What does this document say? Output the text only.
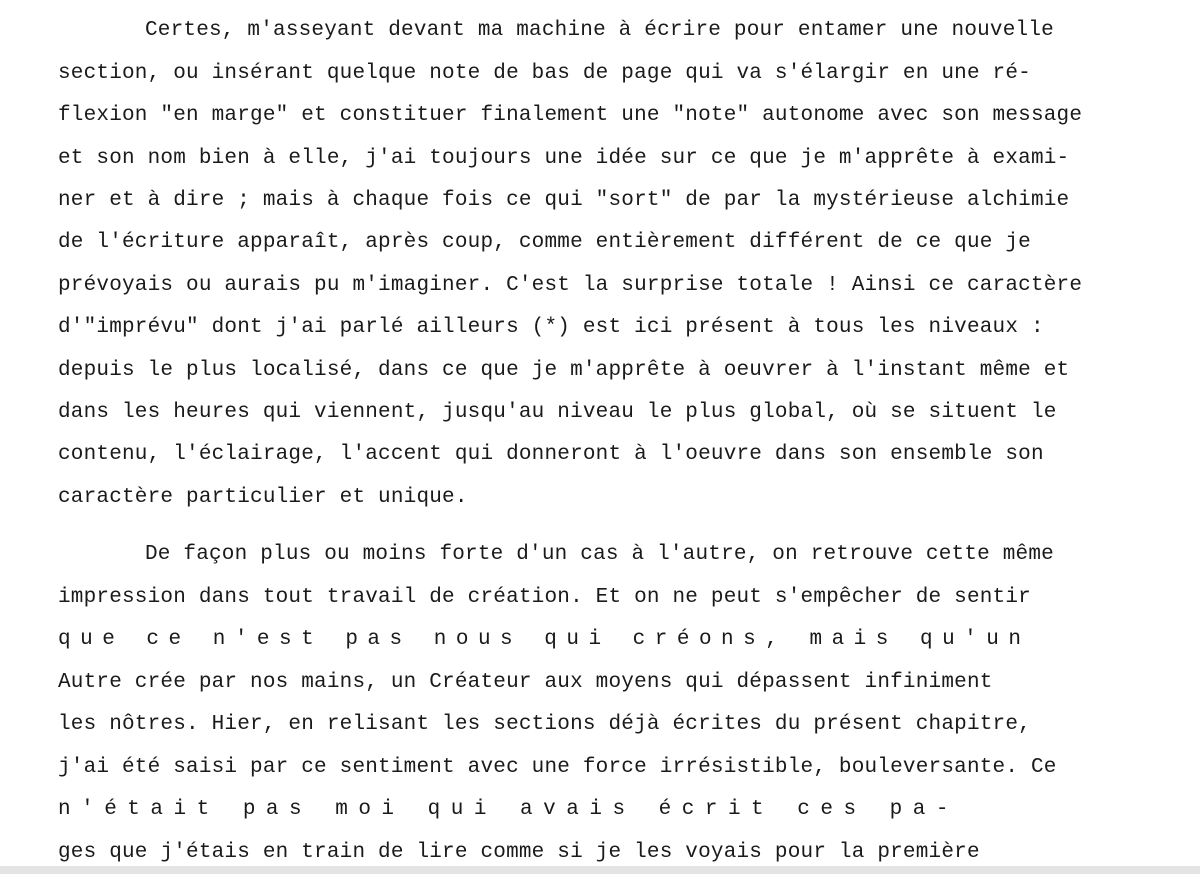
Certes, m'asseyant devant ma machine à écrire pour entamer une nouvelle
section, ou insérant quelque note de bas de page qui va s'élargir en une ré-
flexion "en marge" et constituer finalement une "note" autonome avec son message
et son nom bien à elle, j'ai toujours une idée sur ce que je m'apprête à exami-
ner et à dire ; mais à chaque fois ce qui "sort" de par la mystérieuse alchimie
de l'écriture apparaît, après coup, comme entièrement différent de ce que je
prévoyais ou aurais pu m'imaginer. C'est la surprise totale ! Ainsi ce caractère
d'"imprévu" dont j'ai parlé ailleurs (*) est ici présent à tous les niveaux :
depuis le plus localisé, dans ce que je m'apprête à oeuvrer à l'instant même et
dans les heures qui viennent, jusqu'au niveau le plus global, où se situent le
contenu, l'éclairage, l'accent qui donneront à l'oeuvre dans son ensemble son
caractère particulier et unique.
De façon plus ou moins forte d'un cas à l'autre, on retrouve cette même
impression dans tout travail de création. Et on ne peut s'empêcher de sentir
que ce n'est pas nous qui créons, mais qu'un
Autre crée par nos mains, un Créateur aux moyens qui dépassent infiniment
les nôtres. Hier, en relisant les sections déjà écrites du présent chapitre,
j'ai été saisi par ce sentiment avec une force irrésistible, bouleversante. Ce
n'était pas moi qui avais écrit ces pa-
ges que j'étais en train de lire comme si je les voyais pour la première
